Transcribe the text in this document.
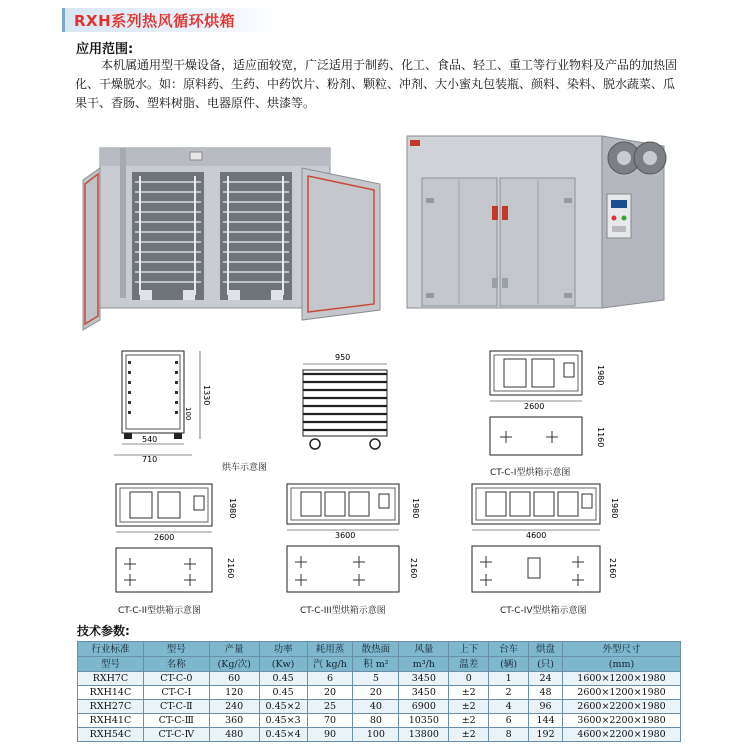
RXH系列热风循环烘箱
应用范围:
本机属通用型干燥设备，适应面较宽，广泛适用于制药、化工、食品、轻工、重工等行业物料及产品的加热固化、干燥脱水。如：原料药、生药、中药饮片、粉剂、颗粒、冲剂、大小蜜丸包装瓶、颜料、染料、脱水蔬菜、瓜果干、香肠、塑料树脂、电器原件、烘漆等。
1330
100
540
710
950
烘车示意图
1980
2600
1160
CT-C-I型烘箱示意图
1980
2600
2160
CT-C-II型烘箱示意图
1980
3600
2160
CT-C-III型烘箱示意图
1980
4600
2160
CT-C-IV型烘箱示意图
技术参数:
行业标准	型号	产量	功率	耗用蒸	散热面	风量	上下	台车	烘盘	外型尺寸
型号	名称	(Kg/次)	(Kw)	汽 kg/h	积 m²	m³/h	温差	(辆)	(只)	(mm)
RXH7C	CT-C-0	60	0.45	6	5	3450	0	1	24	1600×1200×1980
RXH14C	CT-C-Ⅰ	120	0.45	20	20	3450	±2	2	48	2600×1200×1980
RXH27C	CT-C-Ⅱ	240	0.45×2	25	40	6900	±2	4	96	2600×2200×1980
RXH41C	CT-C-Ⅲ	360	0.45×3	70	80	10350	±2	6	144	3600×2200×1980
RXH54C	CT-C-Ⅳ	480	0.45×4	90	100	13800	±2	8	192	4600×2200×1980
